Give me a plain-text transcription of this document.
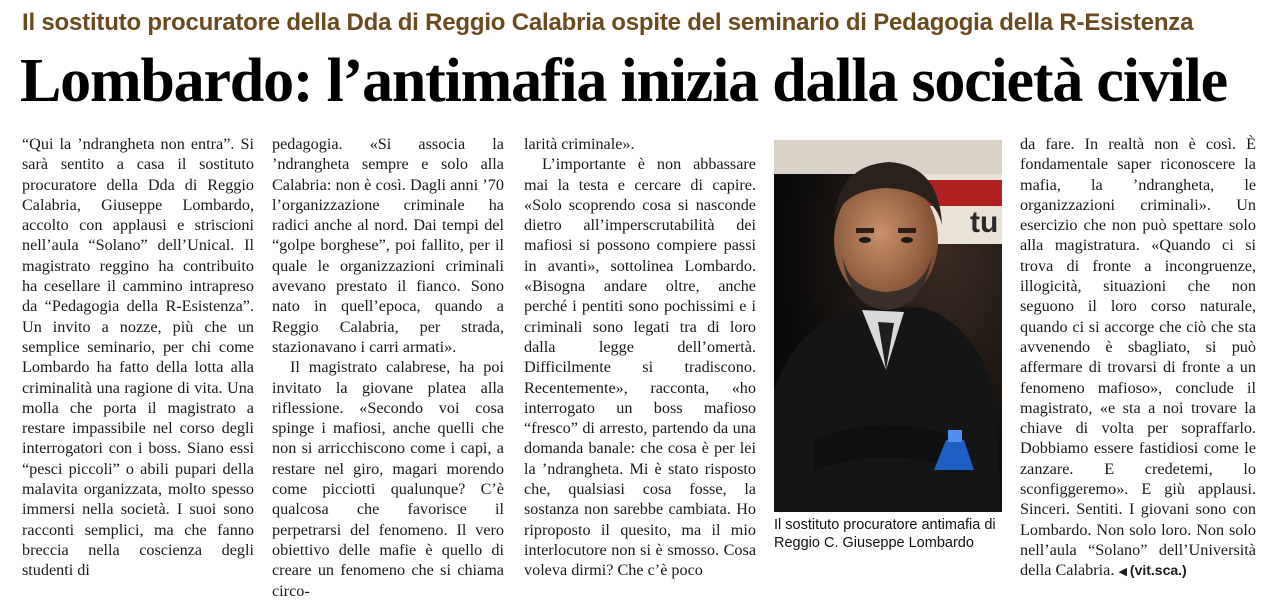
Il sostituto procuratore della Dda di Reggio Calabria ospite del seminario di Pedagogia della R-Esistenza
Lombardo: l’antimafia inizia dalla società civile

“Qui la ’ndrangheta non entra”. Si sarà sentito a casa il sostituto procuratore della Dda di Reggio Calabria, Giuseppe Lombardo, accolto con applausi e striscioni nell’aula “Solano” dell’Unical. Il magistrato reggino ha contribuito ha cesellare il cammino intrapreso da “Pedagogia della R-Esistenza”. Un invito a nozze, più che un semplice seminario, per chi come Lombardo ha fatto della lotta alla criminalità una ragione di vita. Una molla che porta il magistrato a restare impassibile nel corso degli interrogatori con i boss. Siano essi “pesci piccoli” o abili pupari della malavita organizzata, molto spesso immersi nella società. I suoi sono racconti semplici, ma che fanno breccia nella coscienza degli studenti di

pedagogia. «Si associa la ’ndrangheta sempre e solo alla Calabria: non è così. Dagli anni ’70 l’organizzazione criminale ha radici anche al nord. Dai tempi del “golpe borghese”, poi fallito, per il quale le organizzazioni criminali avevano prestato il fianco. Sono nato in quell’epoca, quando a Reggio Calabria, per strada, stazionavano i carri armati».

Il magistrato calabrese, ha poi invitato la giovane platea alla riflessione. «Secondo voi cosa spinge i mafiosi, anche quelli che non si arricchiscono come i capi, a restare nel giro, magari morendo come picciotti qualunque? C’è qualcosa che favorisce il perpetrarsi del fenomeno. Il vero obiettivo delle mafie è quello di creare un fenomeno che si chiama circo-

larità criminale».

L’importante è non abbassare mai la testa e cercare di capire. «Solo scoprendo cosa si nasconde dietro all’imperscrutabilità dei mafiosi si possono compiere passi in avanti», sottolinea Lombardo. «Bisogna andare oltre, anche perché i pentiti sono pochissimi e i criminali sono legati tra di loro dalla legge dell’omertà. Difficilmente si tradiscono. Recentemente», racconta, «ho interrogato un boss mafioso “fresco” di arresto, partendo da una domanda banale: che cosa è per lei la ’ndrangheta. Mi è stato risposto che, qualsiasi cosa fosse, la sostanza non sarebbe cambiata. Ho riproposto il quesito, ma il mio interlocutore non si è smosso. Cosa voleva dirmi? Che c’è poco

tu
Il sostituto procuratore antimafia di Reggio C. Giuseppe Lombardo

da fare. In realtà non è così. È fondamentale saper riconoscere la mafia, la ’ndrangheta, le organizzazioni criminali». Un esercizio che non può spettare solo alla magistratura. «Quando ci si trova di fronte a incongruenze, illogicità, situazioni che non seguono il loro corso naturale, quando ci si accorge che ciò che sta avvenendo è sbagliato, si può affermare di trovarsi di fronte a un fenomeno mafioso», conclude il magistrato, «e sta a noi trovare la chiave di volta per sopraffarlo. Dobbiamo essere fastidiosi come le zanzare. E credetemi, lo sconfiggeremo». E giù applausi. Sinceri. Sentiti. I giovani sono con Lombardo. Non solo loro. Non solo nell’aula “Solano” dell’Università della Calabria. ◀ (vit.sca.)
